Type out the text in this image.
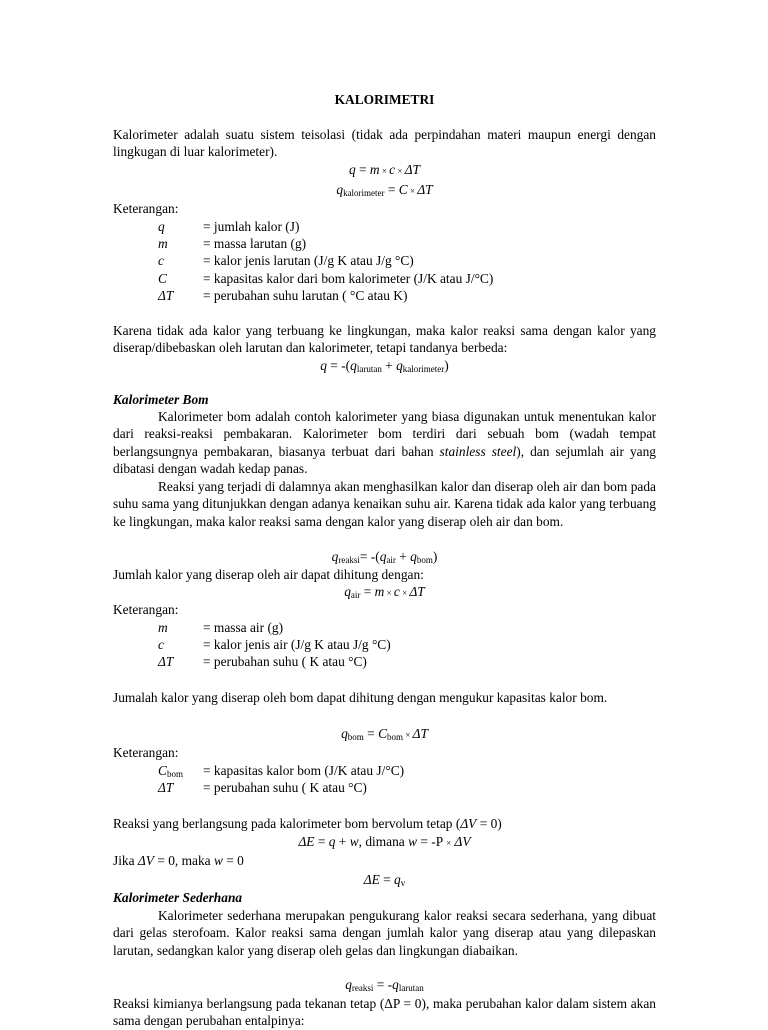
KALORIMETRI
Kalorimeter adalah suatu sistem teisolasi (tidak ada perpindahan materi maupun energi dengan lingkugan di luar kalorimeter).
q = m × c × ΔT
$q_{kalorimeter} = C \times \Delta T$
Keterangan:
q	= jumlah kalor (J)
m	= massa larutan (g)
c	= kalor jenis larutan (J/g K atau J/g °C)
C	= kapasitas kalor dari bom kalorimeter (J/K atau J/°C)
ΔT = perubahan suhu larutan ( °C atau K)
Karena tidak ada kalor yang terbuang ke lingkungan, maka kalor reaksi sama dengan kalor yang diserap/dibebaskan oleh larutan dan kalorimeter, tetapi tandanya berbeda:
$q = -(q_{larutan} + q_{kalorimeter})$
Kalorimeter Bom
Kalorimeter bom adalah contoh kalorimeter yang biasa digunakan untuk menentukan kalor dari reaksi-reaksi pembakaran. Kalorimeter bom terdiri dari sebuah bom (wadah tempat berlangsungnya pembakaran, biasanya terbuat dari bahan stainless steel), dan sejumlah air yang dibatasi dengan wadah kedap panas.
Reaksi yang terjadi di dalamnya akan menghasilkan kalor dan diserap oleh air dan bom pada suhu sama yang ditunjukkan dengan adanya kenaikan suhu air. Karena tidak ada kalor yang terbuang ke lingkungan, maka kalor reaksi sama dengan kalor yang diserap oleh air dan bom.
$q_{reaksi}= -(q_{air} + q_{bom})$
Jumlah kalor yang diserap oleh air dapat dihitung dengan:
$q_{air} = m \times c \times \Delta T$
Keterangan:
m	= massa air (g)
c	= kalor jenis air (J/g K atau J/g °C)
ΔT = perubahan suhu ( K atau °C)
Jumalah kalor yang diserap oleh bom dapat dihitung dengan mengukur kapasitas kalor bom.
$q_{bom} = C_{bom} \times \Delta T$
Keterangan:
$C_{bom}$ = kapasitas kalor bom (J/K atau J/°C)
ΔT = perubahan suhu ( K atau °C)
Reaksi yang berlangsung pada kalorimeter bom bervolum tetap (ΔV = 0)
ΔE = q + w, dimana w = -P × ΔV
Jika ΔV = 0, maka w = 0
$\Delta E = q_v$
Kalorimeter Sederhana
Kalorimeter sederhana merupakan pengukurang kalor reaksi secara sederhana, yang dibuat dari gelas sterofoam. Kalor reaksi sama dengan jumlah kalor yang diserap atau yang dilepaskan larutan, sedangkan kalor yang diserap oleh gelas dan lingkungan diabaikan.
$q_{reaksi} = -q_{larutan}$
Reaksi kimianya berlangsung pada tekanan tetap (ΔP = 0), maka perubahan kalor dalam sistem akan sama dengan perubahan entalpinya:
